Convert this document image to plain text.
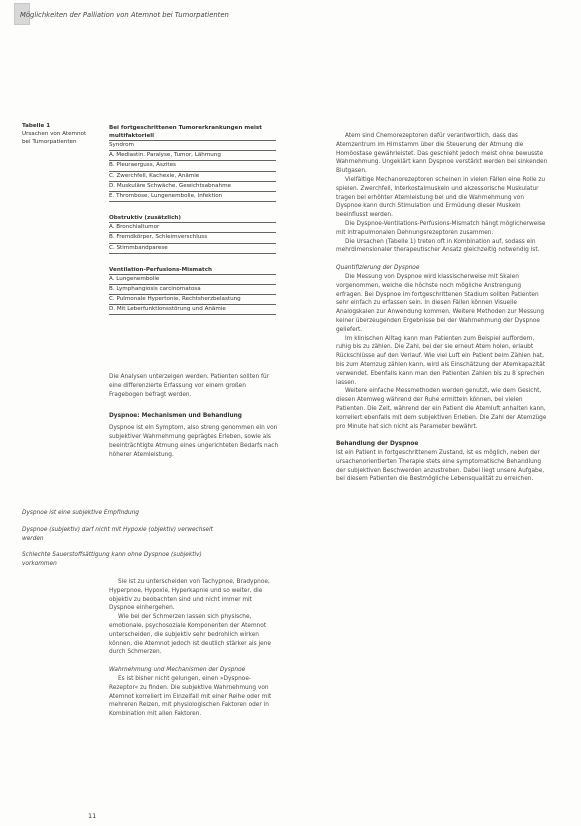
Möglichkeiten der Palliation von Atemnot bei Tumorpatienten
Tabelle 1
Ursachen von Atemnot
bei Tumorpatienten
Bei fortgeschrittenen Tumorerkrankungen meist multifaktoriell
Syndrom
A. Mediastin. Paralyse, Tumor, Lähmung
B. Pleuraerguss, Aszites
C. Zwerchfell, Kachexie, Anämie
D. Muskuläre Schwäche, Gewichtsabnahme
E. Thrombose, Lungenembolie, Infektion
Obstruktiv (zusätzlich)
A. Bronchialtumor
B. Fremdkörper, Schleimverschluss
C. Stimmbandparese
Ventilation-Perfusions-Mismatch
A. Lungenembolie
B. Lymphangiosis carcinomatosa
C. Pulmonale Hypertonie, Rechtsherzbelastung
D. Mit Leberfunktionsstörung und Anämie

Die Analysen unterzeigen werden. Patienten sollten für eine differenzierte Erfassung vor einem großen Fragebogen befragt werden.

Dyspnoe: Mechanismen und Behandlung

Dyspnoe ist ein Symptom, also streng genommen ein von subjektiver Wahrnehmung geprägtes Erleben, sowie als beeinträchtigte Atmung eines ungerichteten Bedarfs nach höherer Atemleistung.

Dyspnoe ist eine subjektive Empfindung
Dyspnoe (subjektiv) darf nicht mit Hypoxie (objektiv) verwechselt werden
Schlechte Sauerstoffsättigung kann ohne Dyspnoe (subjektiv) vorkommen

Sie ist zu unterscheiden von Tachypnoe, Bradypnoe, Hyperpnoe, Hypoxie, Hyperkapnie und so weiter, die objektiv zu beobachten sind und nicht immer mit Dyspnoe einhergehen.

Wie bei der Schmerzen lassen sich physische, emotionale, psychosoziale Komponenten der Atemnot unterscheiden, die subjektiv sehr bedrohlich wirken können, die Atemnot jedoch ist deutlich stärker als jene durch Schmerzen.

Wahrnehmung und Mechanismen der Dyspnoe

Es ist bisher nicht gelungen, einen »Dyspnoe-Rezeptor« zu finden. Die subjektive Wahrnehmung von Atemnot korreliert im Einzelfall mit einer Reihe oder mit mehreren Reizen, mit physiologischen Faktoren oder in Kombination mit allen Faktoren.

Atem sind Chemorezeptoren dafür verantwortlich, dass das Atemzentrum im Hirnstamm über die Steuerung der Atmung die Homöostase gewährleistet. Das geschieht jedoch meist ohne bewusste Wahrnehmung. Ungeklärt kann Dyspnoe verstärkt werden bei sinkenden Blutgasen.

Vielfältige Mechanorezeptoren scheinen in vielen Fällen eine Rolle zu spielen. Zwerchfell, Interkostalmuskeln und akzessorische Muskulatur tragen bei erhöhter Atemleistung bei und die Wahrnehmung von Dyspnoe kann durch Stimulation und Ermüdung dieser Muskeln beeinflusst werden.

Die Dyspnoe-Ventilations-Perfusions-Mismatch hängt möglicherweise mit intrapulmonalen Dehnungsrezeptoren zusammen.

Die Ursachen (Tabelle 1) treten oft in Kombination auf, sodass ein mehrdimensionaler therapeutischer Ansatz gleichzeitig notwendig ist.

Quantifizierung der Dyspnoe

Die Messung von Dyspnoe wird klassischerweise mit Skalen vorgenommen, welche die höchste noch mögliche Anstrengung erfragen. Bei Dyspnoe im fortgeschrittenen Stadium sollten Patienten sehr einfach zu erfassen sein. In diesen Fällen können Visuelle Analogskalen zur Anwendung kommen. Weitere Methoden zur Messung keiner überzeugenden Ergebnisse bei der Wahrnehmung der Dyspnoe geliefert.

Im klinischen Alltag kann man Patienten zum Beispiel auffordern, ruhig bis zu zählen. Die Zahl, bei der sie erneut Atem holen, erlaubt Rückschlüsse auf den Verlauf. Wie viel Luft ein Patient beim Zählen hat, bis zum Atemzug zählen kann, wird als Einschätzung der Atemkapazität verwendet. Ebenfalls kann man den Patienten Zahlen bis zu 8 sprechen lassen.

Weitere einfache Messmethoden werden genutzt, wie dem Gesicht, diesen Atemweg während der Ruhe ermitteln können, bei vielen Patienten. Die Zeit, während der ein Patient die Atemluft anhalten kann, korreliert ebenfalls mit dem subjektiven Erleben. Die Zahl der Atemzüge pro Minute hat sich nicht als Parameter bewährt.

Behandlung der Dyspnoe

Ist ein Patient in fortgeschrittenem Zustand, ist es möglich, neben der ursachenorientierten Therapie stets eine symptomatische Behandlung der subjektiven Beschwerden anzustreben. Dabei liegt unsere Aufgabe, bei diesem Patienten die Bestmögliche Lebensqualität zu erreichen.

11
